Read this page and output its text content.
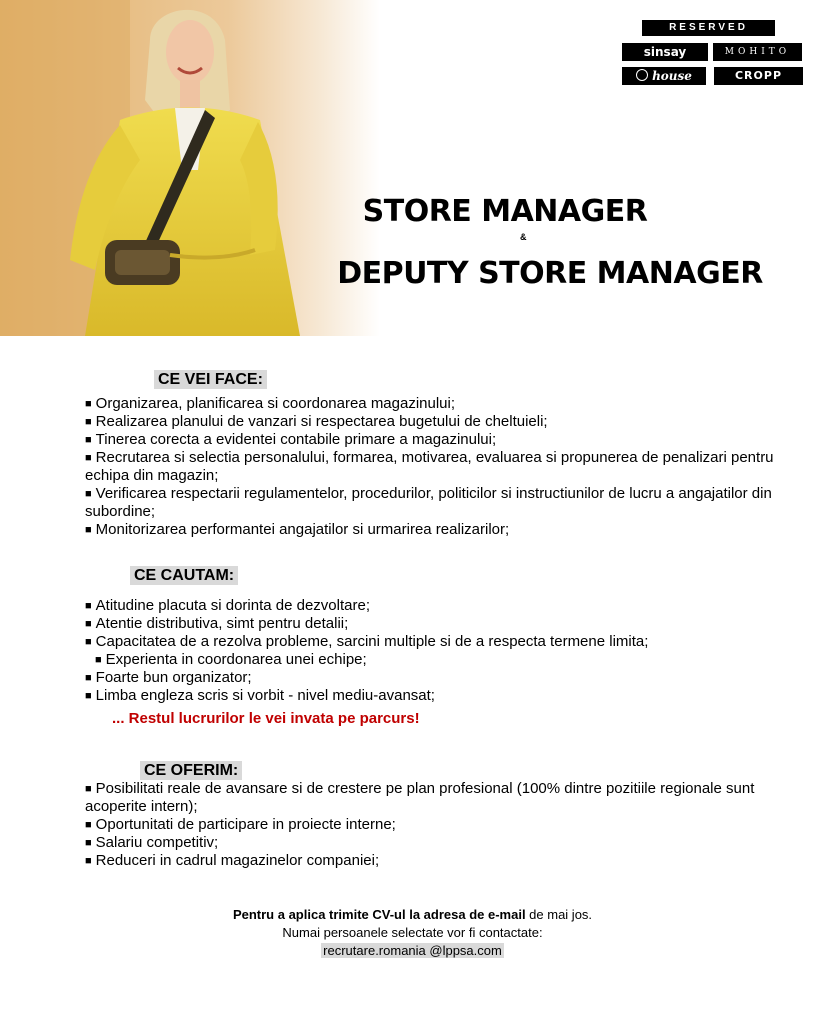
RESERVED
sinsay	MOHITO
house	CROPP
STORE MANAGER
&
DEPUTY STORE MANAGER
CE VEI FACE:
■ Organizarea, planificarea si coordonarea magazinului;
■ Realizarea planului de vanzari si respectarea bugetului de cheltuieli;
■ Tinerea corecta a evidentei contabile primare a magazinului;
■ Recrutarea si selectia personalului, formarea, motivarea, evaluarea si propunerea de penalizari pentru echipa din magazin;
■ Verificarea respectarii regulamentelor, procedurilor, politicilor si instructiunilor de lucru a angajatilor din subordine;
■ Monitorizarea performantei angajatilor si urmarirea realizarilor;
CE CAUTAM:
■ Atitudine placuta si dorinta de dezvoltare;
■ Atentie distributiva, simt pentru detalii;
■ Capacitatea de a rezolva probleme, sarcini multiple si de a respecta termene limita;
■ Experienta in coordonarea unei echipe;
■ Foarte bun organizator;
■ Limba engleza scris si vorbit - nivel mediu-avansat;
... Restul lucrurilor le vei invata pe parcurs!
CE OFERIM:
■ Posibilitati reale de avansare si de crestere pe plan profesional (100% dintre pozitiile regionale sunt acoperite intern);
■ Oportunitati de participare in proiecte interne;
■ Salariu competitiv;
■ Reduceri in cadrul magazinelor companiei;
Pentru a aplica trimite CV-ul la adresa de e-mail de mai jos.
Numai persoanele selectate vor fi contactate:
recrutare.romania @lppsa.com
